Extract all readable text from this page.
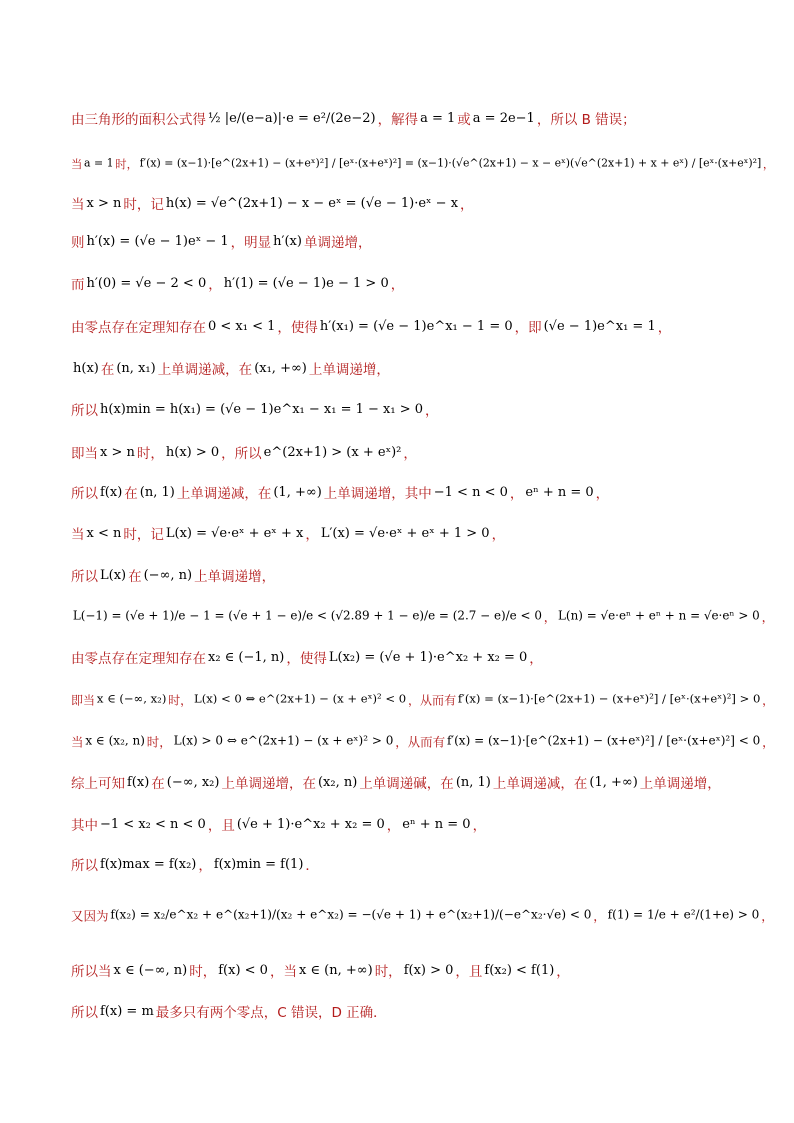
由三角形的面积公式得 ½ |e/(e−a)|·e = e²/(2e−2) ，解得 a = 1 或 a = 2e−1 ，所以 B 错误；
当 a = 1 时， f′(x) = (x−1)·[e^(2x+1) − (x+eˣ)²] / [eˣ·(x+eˣ)²] = (x−1)·(√e^(2x+1) − x − eˣ)(√e^(2x+1) + x + eˣ) / [eˣ·(x+eˣ)²] ，
当 x > n 时，记 h(x) = √e^(2x+1) − x − eˣ = (√e − 1)·eˣ − x ，
则 h′(x) = (√e − 1)eˣ − 1 ，明显 h′(x) 单调递增，
而 h′(0) = √e − 2 < 0 ， h′(1) = (√e − 1)e − 1 > 0 ，
由零点存在定理知存在 0 < x₁ < 1 ，使得 h′(x₁) = (√e − 1)e^x₁ − 1 = 0 ，即 (√e − 1)e^x₁ = 1 ，
h(x) 在 (n, x₁) 上单调递减，在 (x₁, +∞) 上单调递增，
所以 h(x)min = h(x₁) = (√e − 1)e^x₁ − x₁ = 1 − x₁ > 0 ，
即当 x > n 时， h(x) > 0 ，所以 e^(2x+1) > (x + eˣ)² ，
所以 f(x) 在 (n, 1) 上单调递减，在 (1, +∞) 上单调递增，其中 −1 < n < 0 ， eⁿ + n = 0 ，
当 x < n 时，记 L(x) = √e·eˣ + eˣ + x ， L′(x) = √e·eˣ + eˣ + 1 > 0 ，
所以 L(x) 在 (−∞, n) 上单调递增，
L(−1) = (√e + 1)/e − 1 = (√e + 1 − e)/e < (√2.89 + 1 − e)/e = (2.7 − e)/e < 0 ， L(n) = √e·eⁿ + eⁿ + n = √e·eⁿ > 0 ，
由零点存在定理知存在 x₂ ∈ (−1, n) ，使得 L(x₂) = (√e + 1)·e^x₂ + x₂ = 0 ，
即当 x ∈ (−∞, x₂) 时， L(x) < 0 ⇔ e^(2x+1) − (x + eˣ)² < 0 ，从而有 f′(x) = (x−1)·[e^(2x+1) − (x+eˣ)²] / [eˣ·(x+eˣ)²] > 0 ，
当 x ∈ (x₂, n) 时， L(x) > 0 ⇔ e^(2x+1) − (x + eˣ)² > 0 ，从而有 f′(x) = (x−1)·[e^(2x+1) − (x+eˣ)²] / [eˣ·(x+eˣ)²] < 0 ，
综上可知 f(x) 在 (−∞, x₂) 上单调递增，在 (x₂, n) 上单调递碱，在 (n, 1) 上单调递减，在 (1, +∞) 上单调递增，
其中 −1 < x₂ < n < 0 ，且 (√e + 1)·e^x₂ + x₂ = 0 ， eⁿ + n = 0 ，
所以 f(x)max = f(x₂) ， f(x)min = f(1) ．
又因为 f(x₂) = x₂/e^x₂ + e^(x₂+1)/(x₂ + e^x₂) = −(√e + 1) + e^(x₂+1)/(−e^x₂·√e) < 0 ， f(1) = 1/e + e²/(1+e) > 0 ，
所以当 x ∈ (−∞, n) 时， f(x) < 0 ，当 x ∈ (n, +∞) 时， f(x) > 0 ，且 f(x₂) < f(1) ，
所以 f(x) = m 最多只有两个零点，C 错误，D 正确．
